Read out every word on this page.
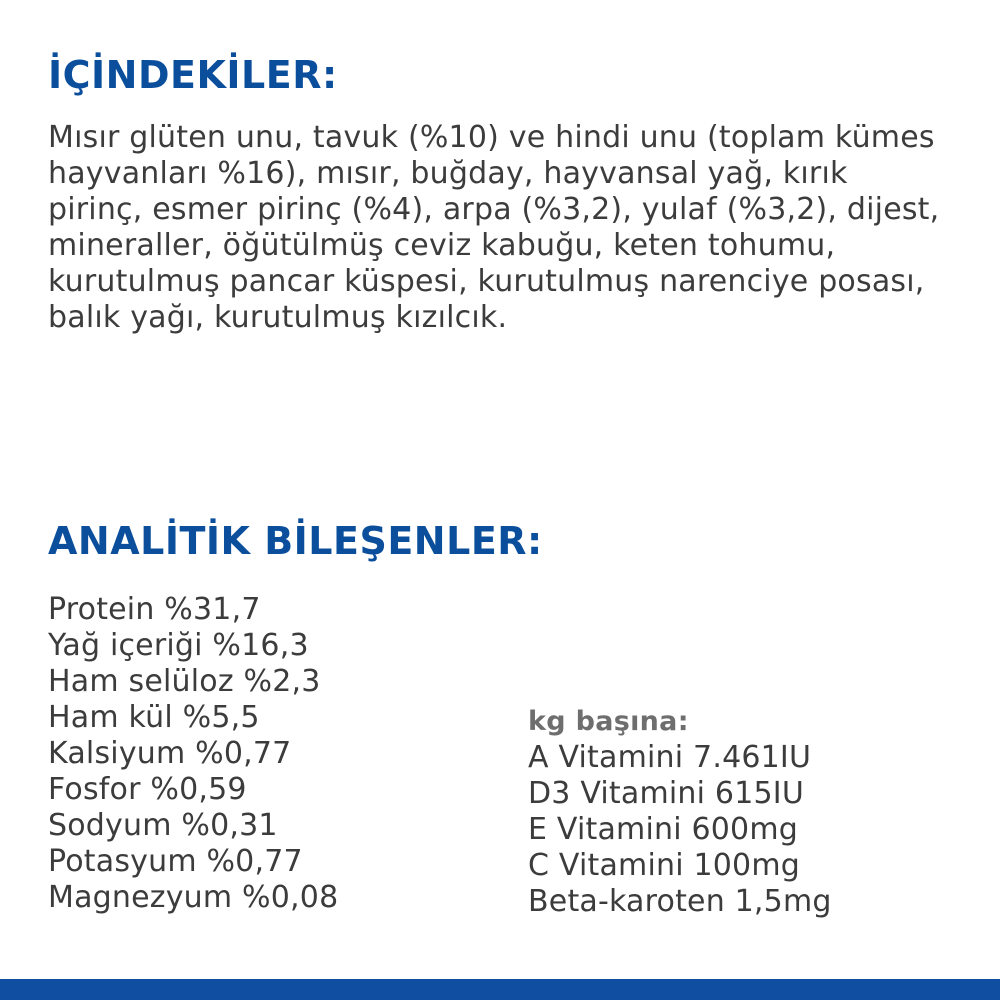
İÇİNDEKİLER:

Mısır glüten unu, tavuk (%10) ve hindi unu (toplam kümes hayvanları %16), mısır, buğday, hayvansal yağ, kırık pirinç, esmer pirinç (%4), arpa (%3,2), yulaf (%3,2), dijest, mineraller, öğütülmüş ceviz kabuğu, keten tohumu, kurutulmuş pancar küspesi, kurutulmuş narenciye posası, balık yağı, kurutulmuş kızılcık.

ANALİTİK BİLEŞENLER:
Protein %31,7
Yağ içeriği %16,3
Ham selüloz %2,3
Ham kül %5,5
Kalsiyum %0,77
Fosfor %0,59
Sodyum %0,31
Potasyum %0,77
Magnezyum %0,08
kg başına:
A Vitamini 7.461IU
D3 Vitamini 615IU
E Vitamini 600mg
C Vitamini 100mg
Beta-karoten 1,5mg
